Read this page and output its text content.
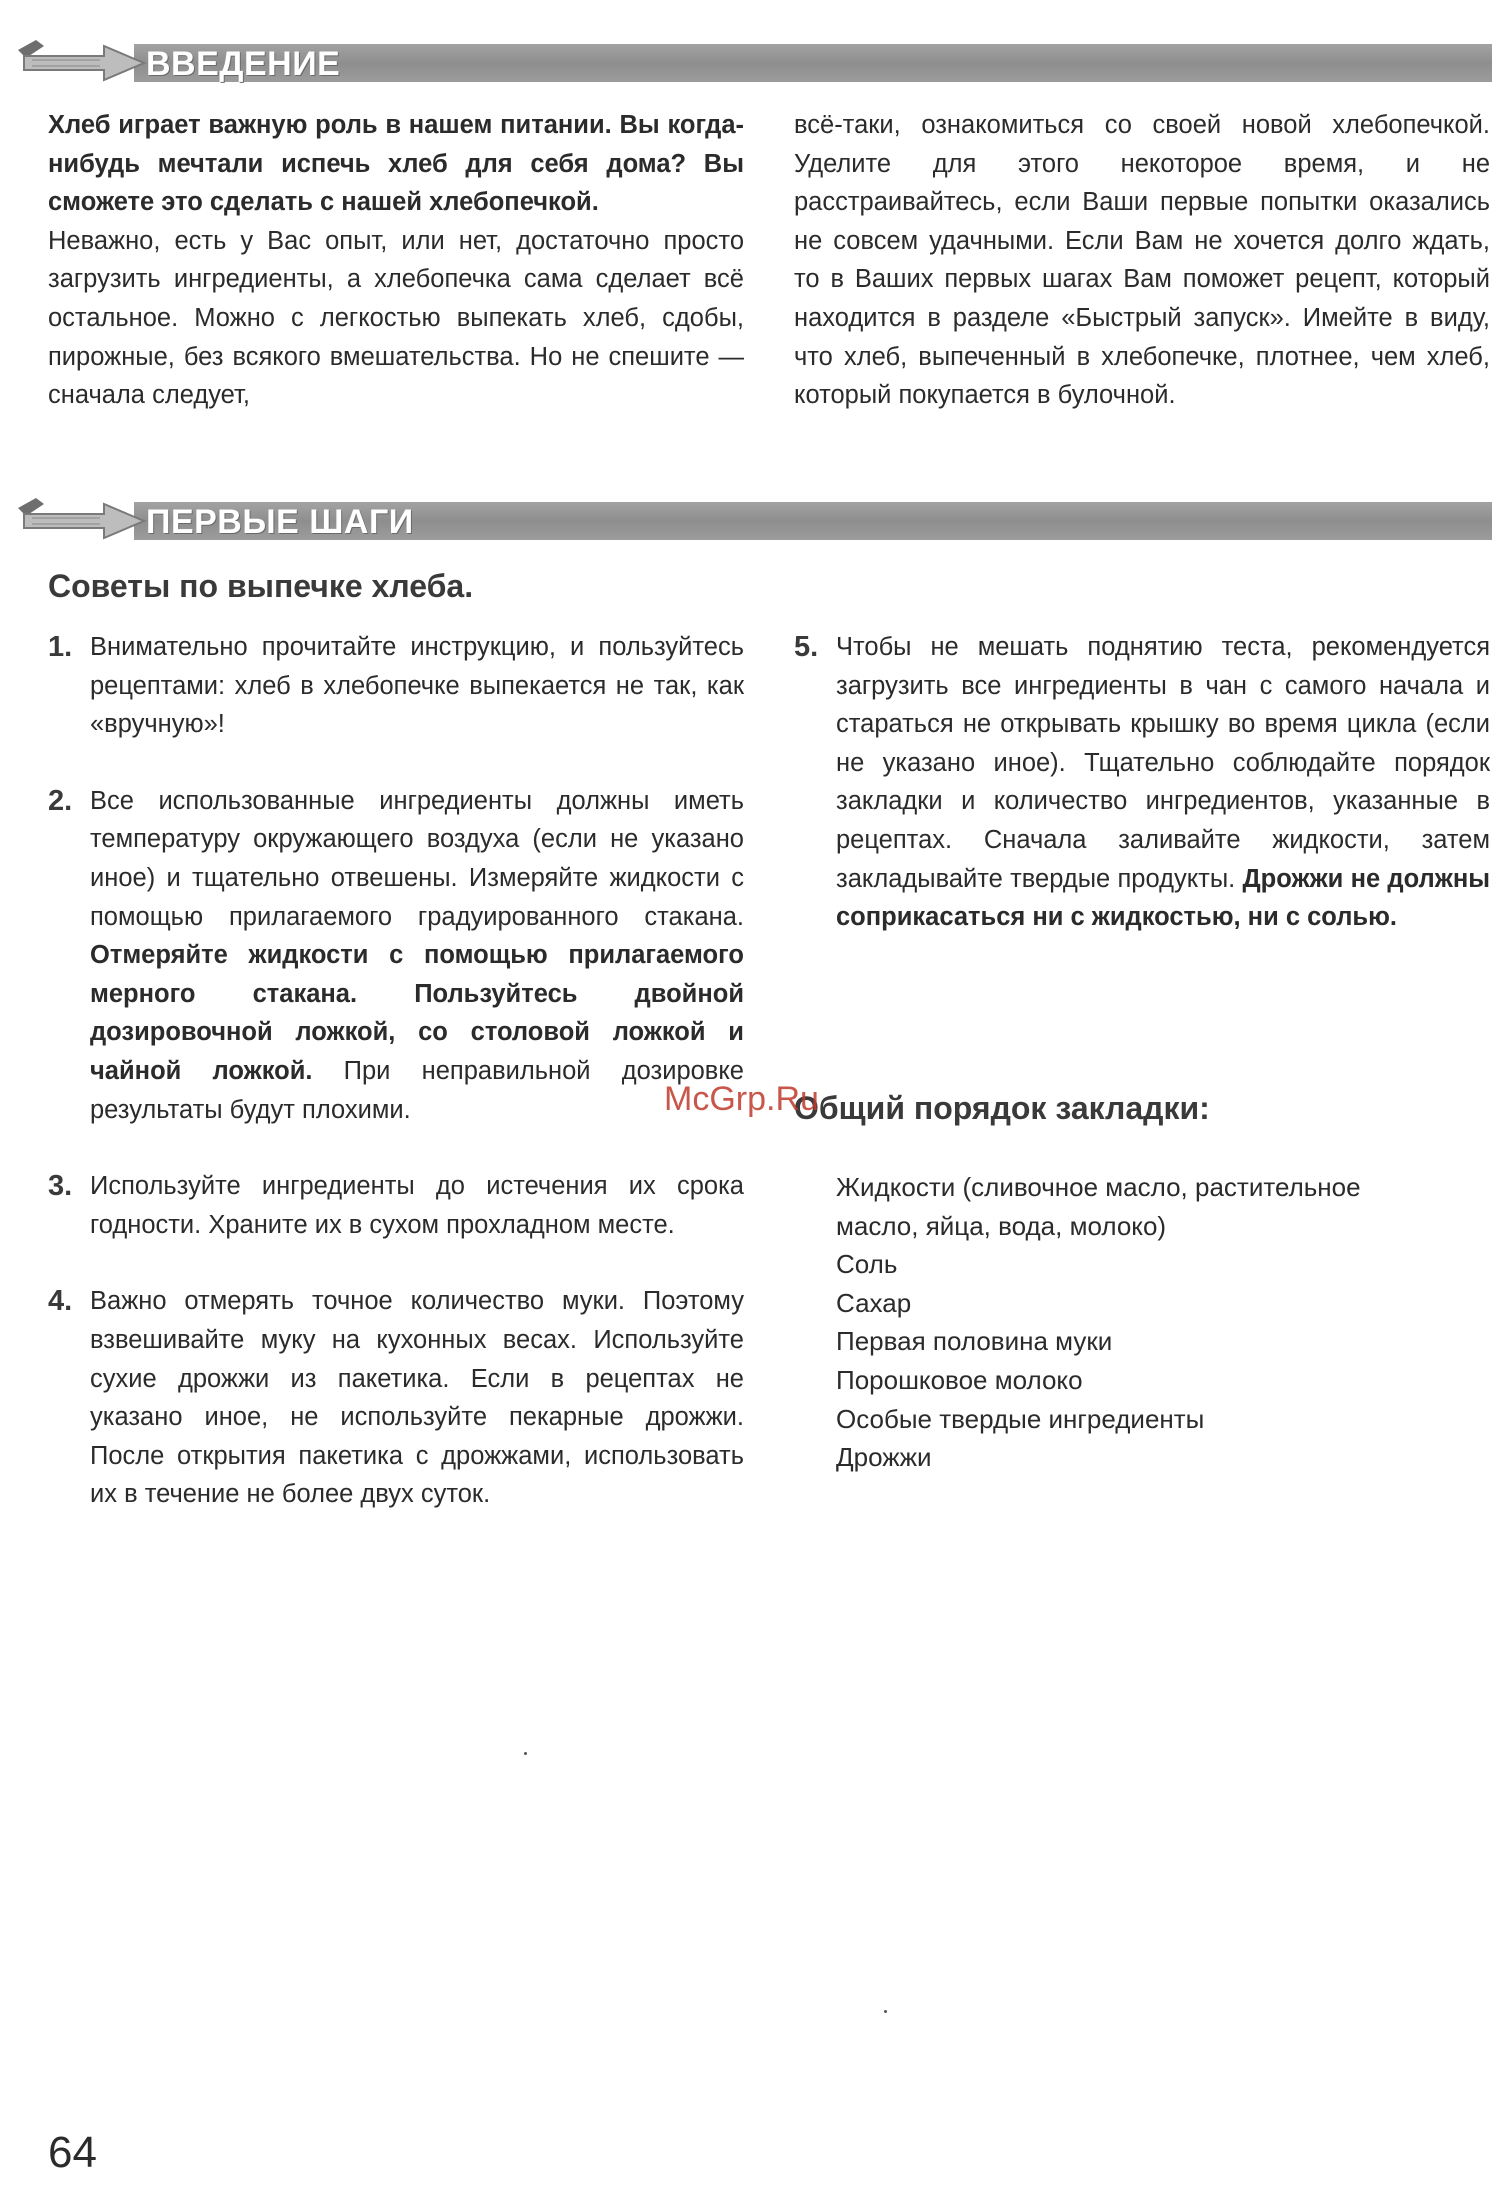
ВВЕДЕНИЕ

Хлеб играет важную роль в нашем питании. Вы когда-нибудь мечтали испечь хлеб для себя дома? Вы сможете это сделать с нашей хлебопечкой.

Неважно, есть у Вас опыт, или нет, достаточно просто загрузить ингредиенты, а хлебопечка сама сделает всё остальное. Можно с легкостью выпекать хлеб, сдобы, пирожные, без всякого вмешательства. Но не спешите — сначала следует,

всё-таки, ознакомиться со своей новой хлебопечкой. Уделите для этого некоторое время, и не расстраивайтесь, если Ваши первые попытки оказались не совсем удачными. Если Вам не хочется долго ждать, то в Ваших первых шагах Вам поможет рецепт, который находится в разделе «Быстрый запуск». Имейте в виду, что хлеб, выпеченный в хлебопечке, плотнее, чем хлеб, который покупается в булочной.

ПЕРВЫЕ ШАГИ
Советы по выпечке хлеба.
1. Внимательно прочитайте инструкцию, и пользуйтесь рецептами: хлеб в хлебопечке выпекается не так, как «вручную»!
2. Все использованные ингредиенты должны иметь температуру окружающего воздуха (если не указано иное) и тщательно отвешены. Измеряйте жидкости с помощью прилагаемого градуированного стакана. Отмеряйте жидкости с помощью прилагаемого мерного стакана. Пользуйтесь двойной дозировочной ложкой, со столовой ложкой и чайной ложкой. При неправильной дозировке результаты будут плохими.
3. Используйте ингредиенты до истечения их срока годности. Храните их в сухом прохладном месте.
4. Важно отмерять точное количество муки. Поэтому взвешивайте муку на кухонных весах. Используйте сухие дрожжи из пакетика. Если в рецептах не указано иное, не используйте пекарные дрожжи. После открытия пакетика с дрожжами, использовать их в течение не более двух суток.
5. Чтобы не мешать поднятию теста, рекомендуется загрузить все ингредиенты в чан с самого начала и стараться не открывать крышку во время цикла (если не указано иное). Тщательно соблюдайте порядок закладки и количество ингредиентов, указанные в рецептах. Сначала заливайте жидкости, затем закладывайте твердые продукты. Дрожжи не должны соприкасаться ни с жидкостью, ни с солью.
Общий порядок закладки:
Жидкости (сливочное масло, растительное
масло, яйца, вода, молоко)
Соль
Сахар
Первая половина муки
Порошковое молоко
Особые твердые ингредиенты
Дрожжи
McGrp.Ru
64
